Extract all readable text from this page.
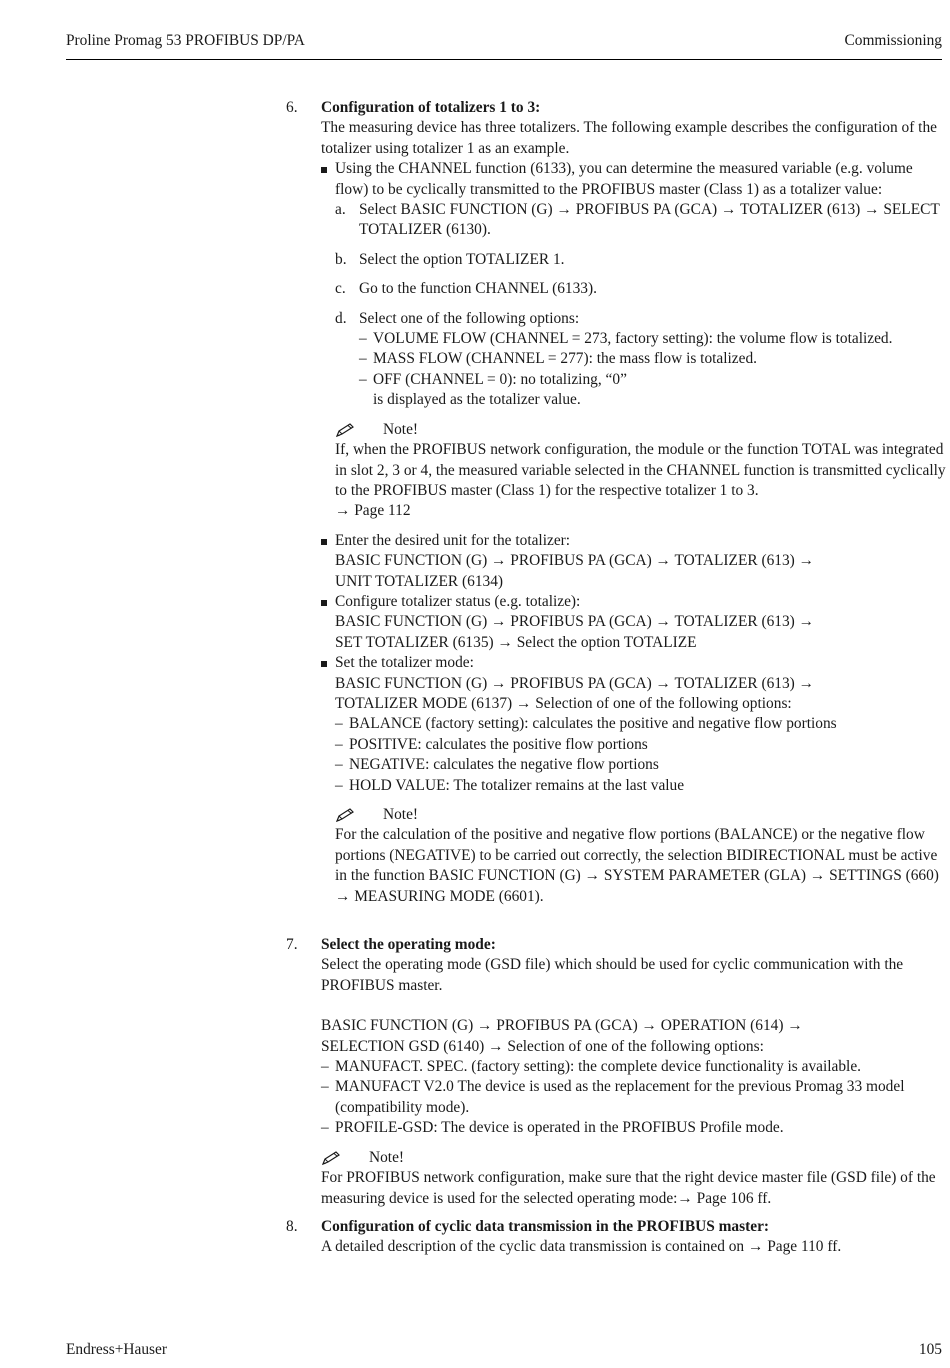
Proline Promag 53 PROFIBUS DP/PA	Commissioning
6. Configuration of totalizers 1 to 3:
The measuring device has three totalizers. The following example describes the configuration of the totalizer using totalizer 1 as an example.
Using the CHANNEL function (6133), you can determine the measured variable (e.g. volume flow) to be cyclically transmitted to the PROFIBUS master (Class 1) as a totalizer value:
a. Select BASIC FUNCTION (G) → PROFIBUS PA (GCA) → TOTALIZER (613) → SELECT TOTALIZER (6130).
b. Select the option TOTALIZER 1.
c. Go to the function CHANNEL (6133).
d. Select one of the following options:
– VOLUME FLOW (CHANNEL = 273, factory setting): the volume flow is totalized.
– MASS FLOW (CHANNEL = 277): the mass flow is totalized.
– OFF (CHANNEL = 0): no totalizing, “0”
is displayed as the totalizer value.
Note!
If, when the PROFIBUS network configuration, the module or the function TOTAL was integrated in slot 2, 3 or 4, the measured variable selected in the CHANNEL function is transmitted cyclically to the PROFIBUS master (Class 1) for the respective totalizer 1 to 3.
→ Page 112
Enter the desired unit for the totalizer:
BASIC FUNCTION (G) → PROFIBUS PA (GCA) → TOTALIZER (613) →
UNIT TOTALIZER (6134)
Configure totalizer status (e.g. totalize):
BASIC FUNCTION (G) → PROFIBUS PA (GCA) → TOTALIZER (613) →
SET TOTALIZER (6135) → Select the option TOTALIZE
Set the totalizer mode:
BASIC FUNCTION (G) → PROFIBUS PA (GCA) → TOTALIZER (613) →
TOTALIZER MODE (6137) → Selection of one of the following options:
– BALANCE (factory setting): calculates the positive and negative flow portions
– POSITIVE: calculates the positive flow portions
– NEGATIVE: calculates the negative flow portions
– HOLD VALUE: The totalizer remains at the last value
Note!
For the calculation of the positive and negative flow portions (BALANCE) or the negative flow portions (NEGATIVE) to be carried out correctly, the selection BIDIRECTIONAL must be active in the function BASIC FUNCTION (G) → SYSTEM PARAMETER (GLA) → SETTINGS (660) → MEASURING MODE (6601).
7. Select the operating mode:
Select the operating mode (GSD file) which should be used for cyclic communication with the PROFIBUS master.
BASIC FUNCTION (G) → PROFIBUS PA (GCA) → OPERATION (614) →
SELECTION GSD (6140) → Selection of one of the following options:
– MANUFACT. SPEC. (factory setting): the complete device functionality is available.
– MANUFACT V2.0 The device is used as the replacement for the previous Promag 33 model (compatibility mode).
– PROFILE-GSD: The device is operated in the PROFIBUS Profile mode.
Note!
For PROFIBUS network configuration, make sure that the right device master file (GSD file) of the measuring device is used for the selected operating mode:→ Page 106 ff.
8. Configuration of cyclic data transmission in the PROFIBUS master:
A detailed description of the cyclic data transmission is contained on → Page 110 ff.
Endress+Hauser	105
